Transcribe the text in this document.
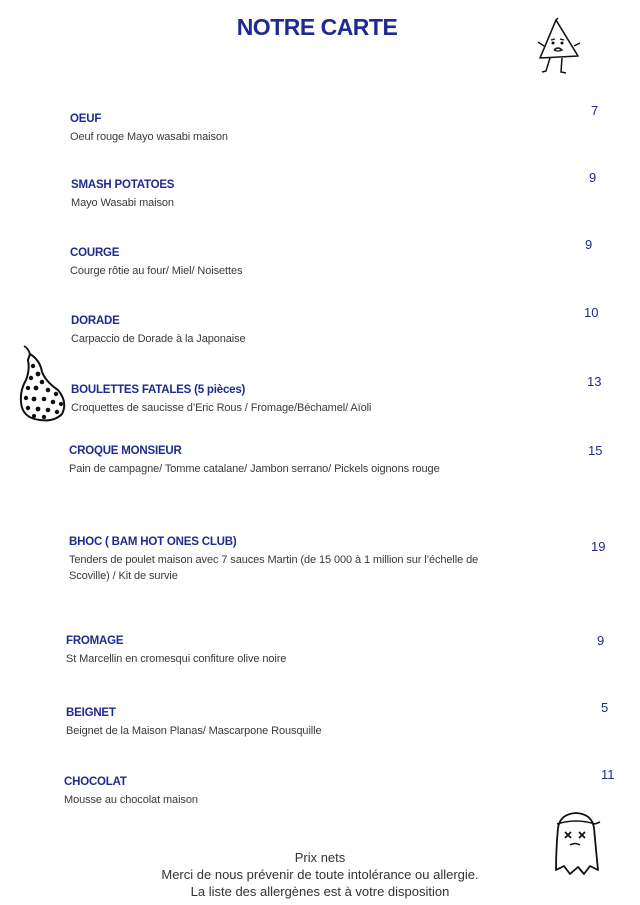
NOTRE CARTE
OEUF
Oeuf rouge Mayo wasabi maison
7
SMASH POTATOES
Mayo Wasabi maison
9
COURGE
Courge rôtie au four/ Miel/ Noisettes
9
DORADE
Carpaccio de Dorade à la Japonaise
10
BOULETTES FATALES (5 pièces)
Croquettes de saucisse d’Eric Rous / Fromage/Béchamel/ Aïoli
13
CROQUE MONSIEUR
Pain de campagne/ Tomme catalane/ Jambon serrano/ Pickels oignons rouge
15
BHOC ( BAM HOT ONES CLUB)
Tenders de poulet maison avec 7 sauces Martin (de 15 000 à 1 million sur l’échelle de Scoville) / Kit de survie
19
FROMAGE
St Marcellin en cromesqui confiture olive noire
9
BEIGNET
Beignet de la Maison Planas/ Mascarpone Rousquille
5
CHOCOLAT
Mousse au chocolat maison
11
Prix nets
Merci de nous prévenir de toute intolérance ou allergie.
La liste des allergènes est à votre disposition
